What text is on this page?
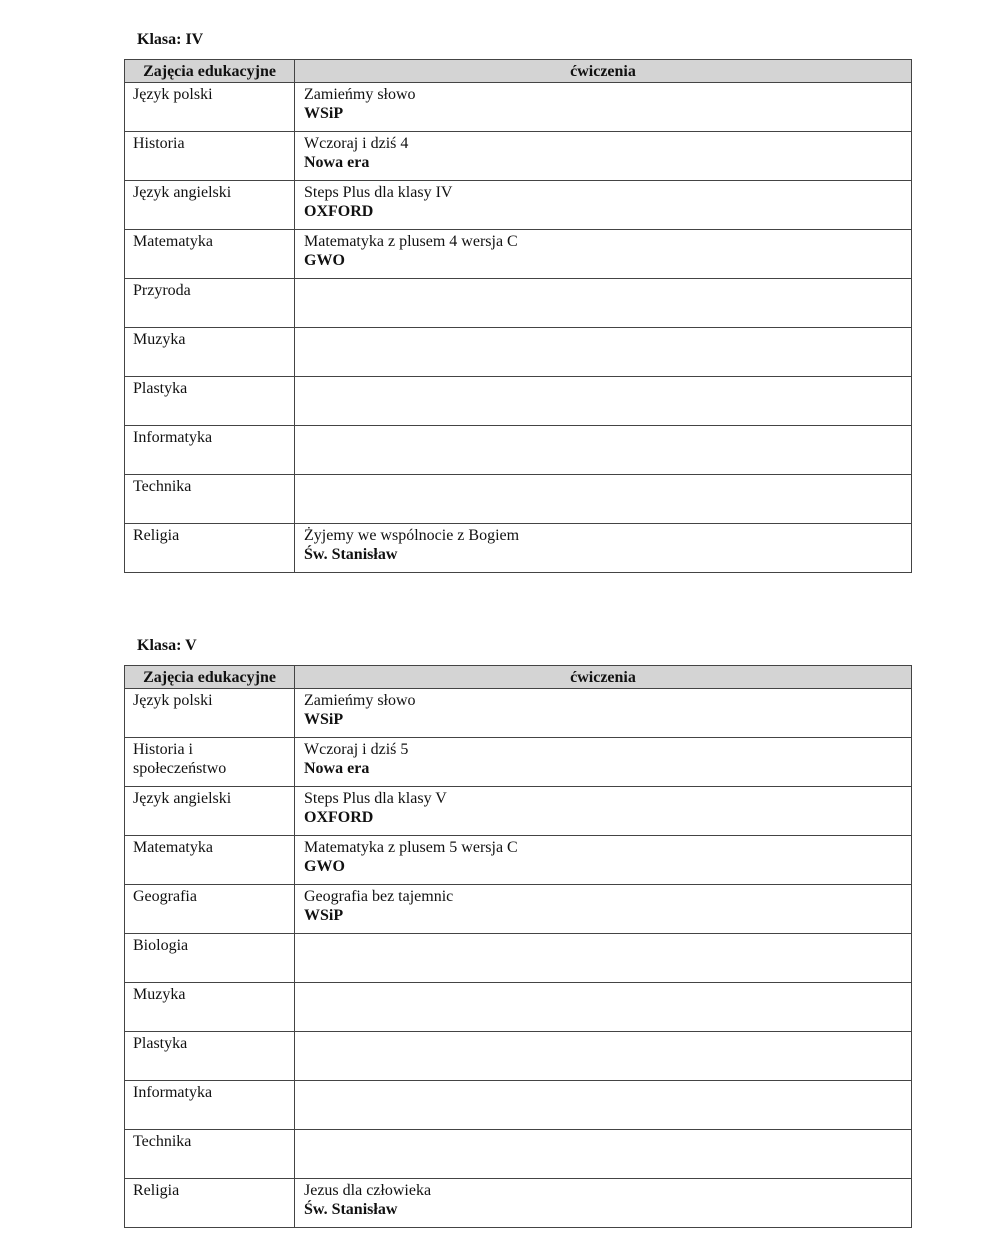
Klasa: IV
Zajęcia edukacyjne	ćwiczenia

Język polski	Zamieńmy słowo
WSiP

Historia	Wczoraj i dziś 4
Nowa era

Język angielski	Steps Plus dla klasy IV
OXFORD

Matematyka	Matematyka z plusem 4 wersja C
GWO

Przyroda	

Muzyka	

Plastyka	

Informatyka	

Technika	

Religia	Żyjemy we wspólnocie z Bogiem
Św. Stanisław
Klasa: V
Zajęcia edukacyjne	ćwiczenia

Język polski	Zamieńmy słowo
WSiP

Historia i społeczeństwo	Wczoraj i dziś 5
Nowa era

Język angielski	Steps Plus dla klasy V
OXFORD

Matematyka	Matematyka z plusem 5 wersja C
GWO

Geografia	Geografia bez tajemnic
WSiP

Biologia	

Muzyka	

Plastyka	

Informatyka	

Technika	

Religia	Jezus dla człowieka
Św. Stanisław
